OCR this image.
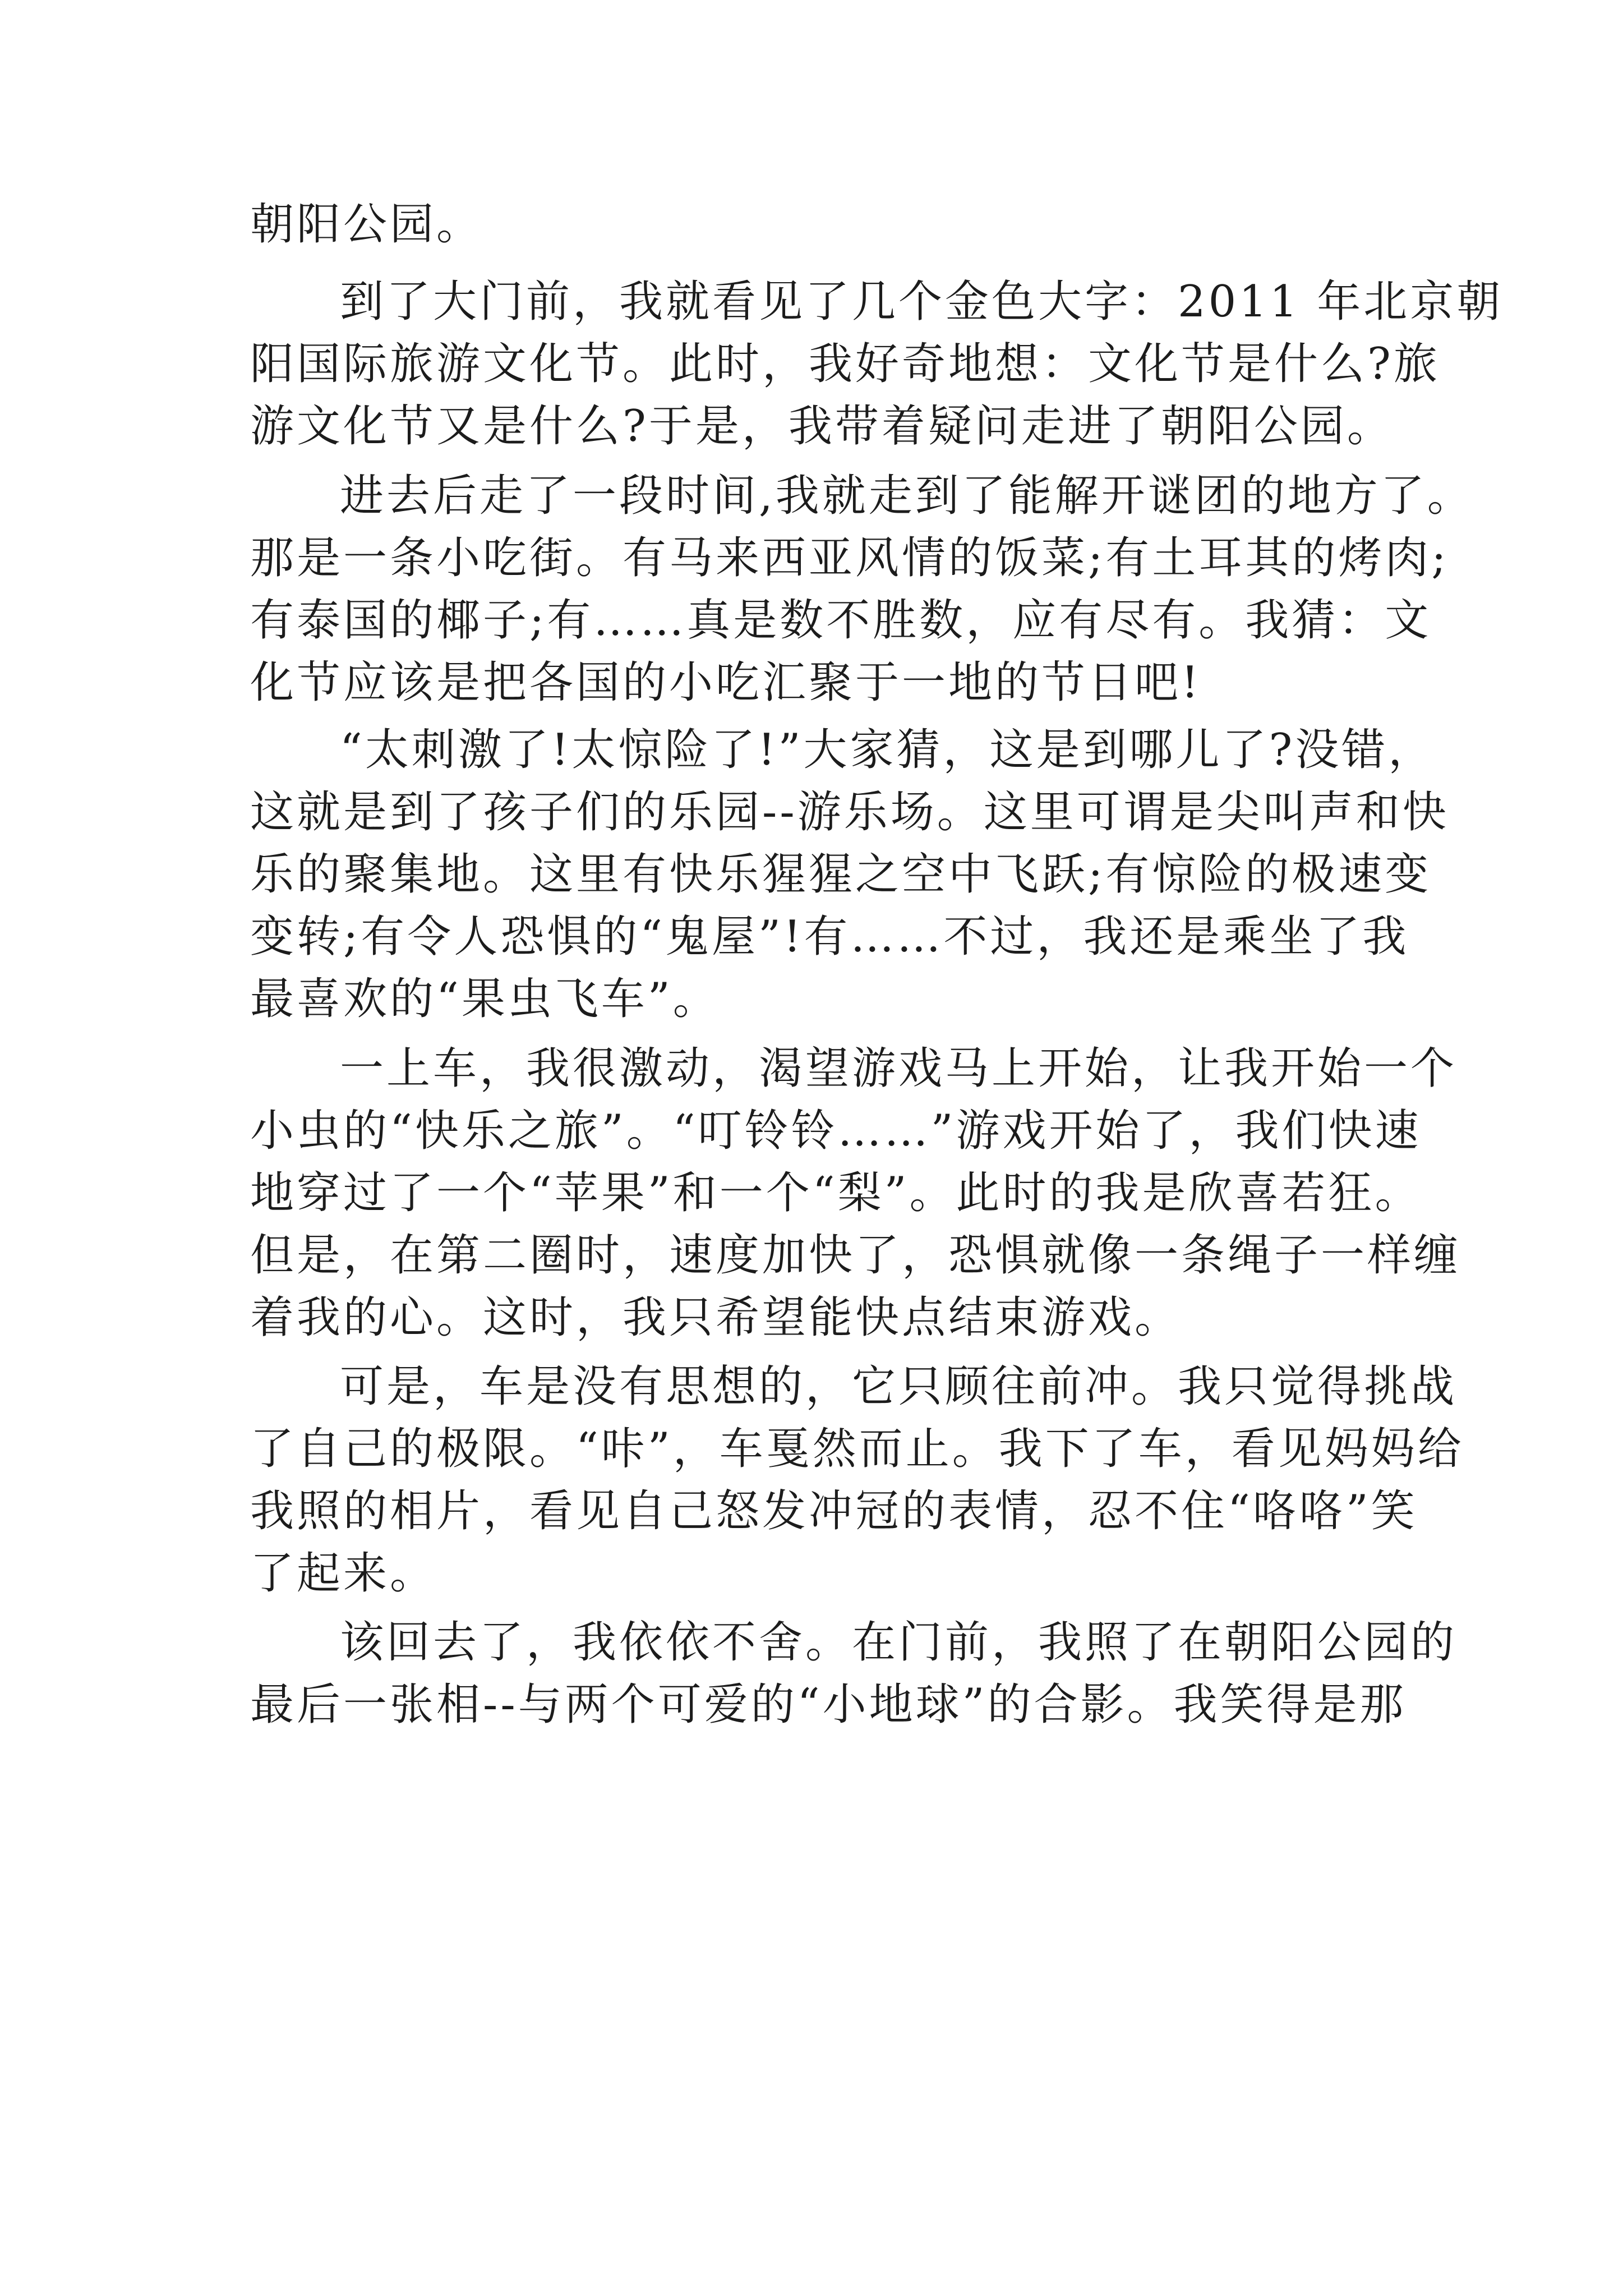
朝阳公园。
到了大门前，我就看见了几个金色大字：2011 年北京朝
阳国际旅游文化节。此时，我好奇地想：文化节是什么?旅
游文化节又是什么?于是，我带着疑问走进了朝阳公园。
进去后走了一段时间,我就走到了能解开谜团的地方了。
那是一条小吃街。有马来西亚风情的饭菜;有土耳其的烤肉;
有泰国的椰子;有……真是数不胜数，应有尽有。我猜：文
化节应该是把各国的小吃汇聚于一地的节日吧!
“太刺激了!太惊险了!”大家猜，这是到哪儿了?没错，
这就是到了孩子们的乐园--游乐场。这里可谓是尖叫声和快
乐的聚集地。这里有快乐猩猩之空中飞跃;有惊险的极速变
变转;有令人恐惧的“鬼屋”!有……不过，我还是乘坐了我
最喜欢的“果虫飞车”。
一上车，我很激动，渴望游戏马上开始，让我开始一个
小虫的“快乐之旅”。“叮铃铃……”游戏开始了，我们快速
地穿过了一个“苹果”和一个“梨”。此时的我是欣喜若狂。
但是，在第二圈时，速度加快了，恐惧就像一条绳子一样缠
着我的心。这时，我只希望能快点结束游戏。
可是，车是没有思想的，它只顾往前冲。我只觉得挑战
了自己的极限。“咔”，车戛然而止。我下了车，看见妈妈给
我照的相片，看见自己怒发冲冠的表情，忍不住“咯咯”笑
了起来。
该回去了，我依依不舍。在门前，我照了在朝阳公园的
最后一张相--与两个可爱的“小地球”的合影。我笑得是那
